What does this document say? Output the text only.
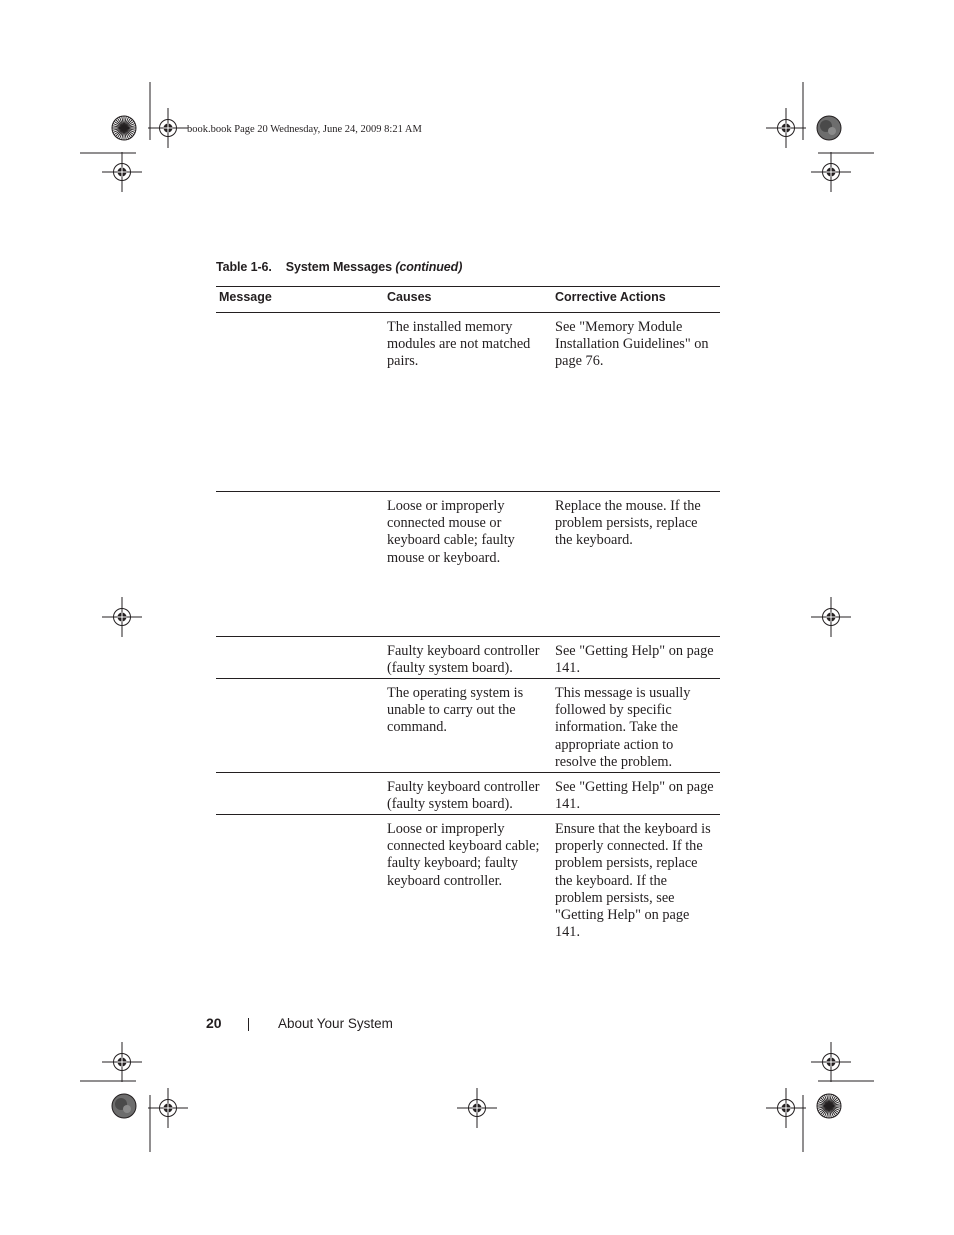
book.book Page 20 Wednesday, June 24, 2009 8:21 AM
Table 1-6. System Messages (continued)
Message	Causes	Corrective Actions
	The installed memory modules are not matched pairs.	See "Memory Module Installation Guidelines" on page 76.
	Loose or improperly connected mouse or keyboard cable; faulty mouse or keyboard.	Replace the mouse. If the problem persists, replace the keyboard.
	Faulty keyboard controller (faulty system board).	See "Getting Help" on page 141.
	The operating system is unable to carry out the command.	This message is usually followed by specific information. Take the appropriate action to resolve the problem.
	Faulty keyboard controller (faulty system board).	See "Getting Help" on page 141.
	Loose or improperly connected keyboard cable; faulty keyboard; faulty keyboard controller.	Ensure that the keyboard is properly connected. If the problem persists, replace the keyboard. If the problem persists, see "Getting Help" on page 141.
20	About Your System
